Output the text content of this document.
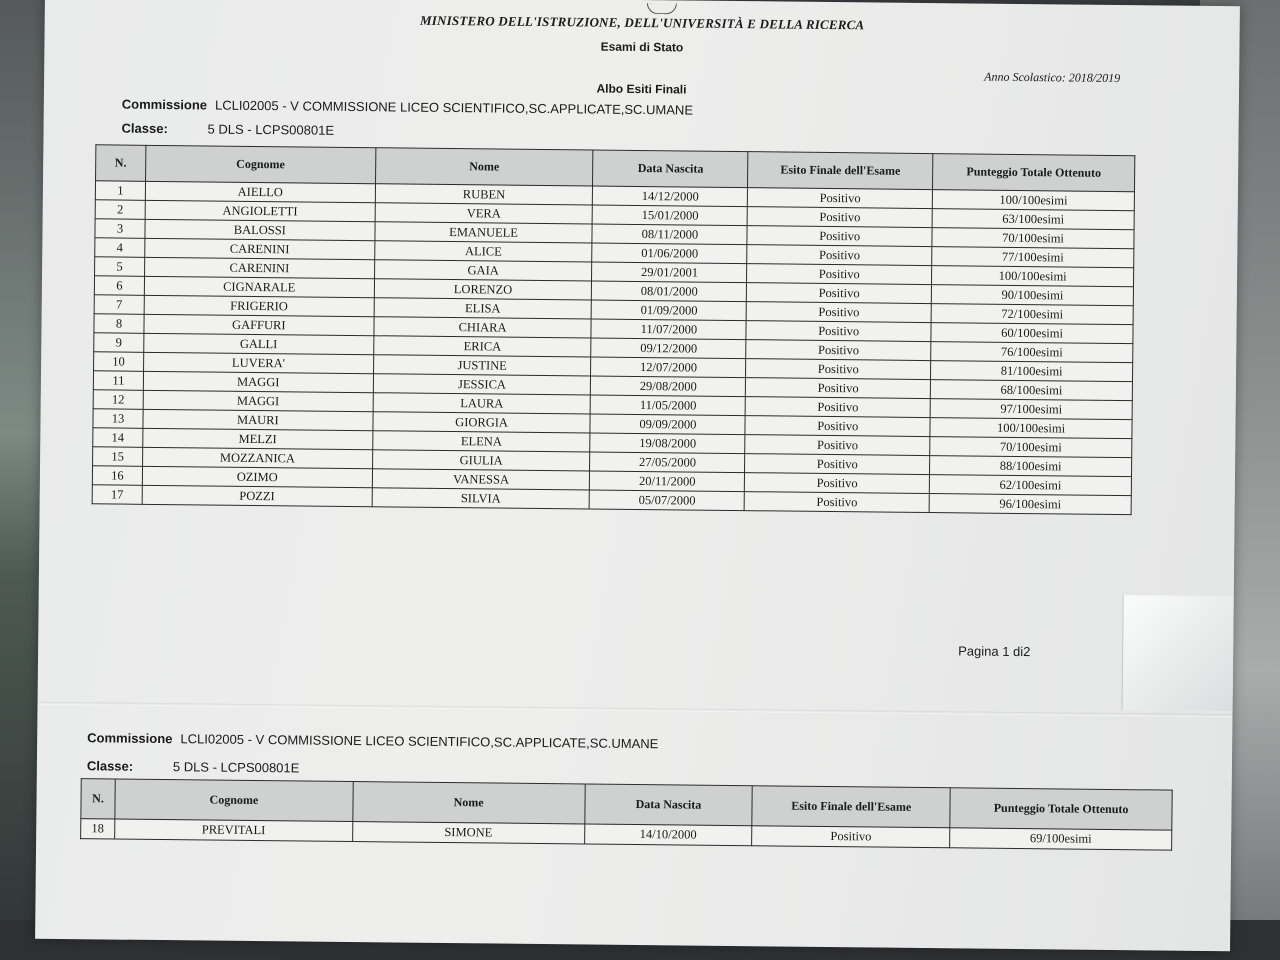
MINISTERO DELL'ISTRUZIONE, DELL'UNIVERSITÀ E DELLA RICERCA
Esami di Stato
Anno Scolastico: 2018/2019
Albo Esiti Finali
Commissione LCLI02005 - V COMMISSIONE LICEO SCIENTIFICO,SC.APPLICATE,SC.UMANE
Classe:	5 DLS - LCPS00801E
N.	Cognome	Nome	Data Nascita	Esito Finale dell'Esame	Punteggio Totale Ottenuto
1	AIELLO	RUBEN	14/12/2000	Positivo	100/100esimi
2	ANGIOLETTI	VERA	15/01/2000	Positivo	63/100esimi
3	BALOSSI	EMANUELE	08/11/2000	Positivo	70/100esimi
4	CARENINI	ALICE	01/06/2000	Positivo	77/100esimi
5	CARENINI	GAIA	29/01/2001	Positivo	100/100esimi
6	CIGNARALE	LORENZO	08/01/2000	Positivo	90/100esimi
7	FRIGERIO	ELISA	01/09/2000	Positivo	72/100esimi
8	GAFFURI	CHIARA	11/07/2000	Positivo	60/100esimi
9	GALLI	ERICA	09/12/2000	Positivo	76/100esimi
10	LUVERA'	JUSTINE	12/07/2000	Positivo	81/100esimi
11	MAGGI	JESSICA	29/08/2000	Positivo	68/100esimi
12	MAGGI	LAURA	11/05/2000	Positivo	97/100esimi
13	MAURI	GIORGIA	09/09/2000	Positivo	100/100esimi
14	MELZI	ELENA	19/08/2000	Positivo	70/100esimi
15	MOZZANICA	GIULIA	27/05/2000	Positivo	88/100esimi
16	OZIMO	VANESSA	20/11/2000	Positivo	62/100esimi
17	POZZI	SILVIA	05/07/2000	Positivo	96/100esimi
Pagina 1 di2
Commissione LCLI02005 - V COMMISSIONE LICEO SCIENTIFICO,SC.APPLICATE,SC.UMANE
Classe:	5 DLS - LCPS00801E
N.	Cognome	Nome	Data Nascita	Esito Finale dell'Esame	Punteggio Totale Ottenuto
18	PREVITALI	SIMONE	14/10/2000	Positivo	69/100esimi
